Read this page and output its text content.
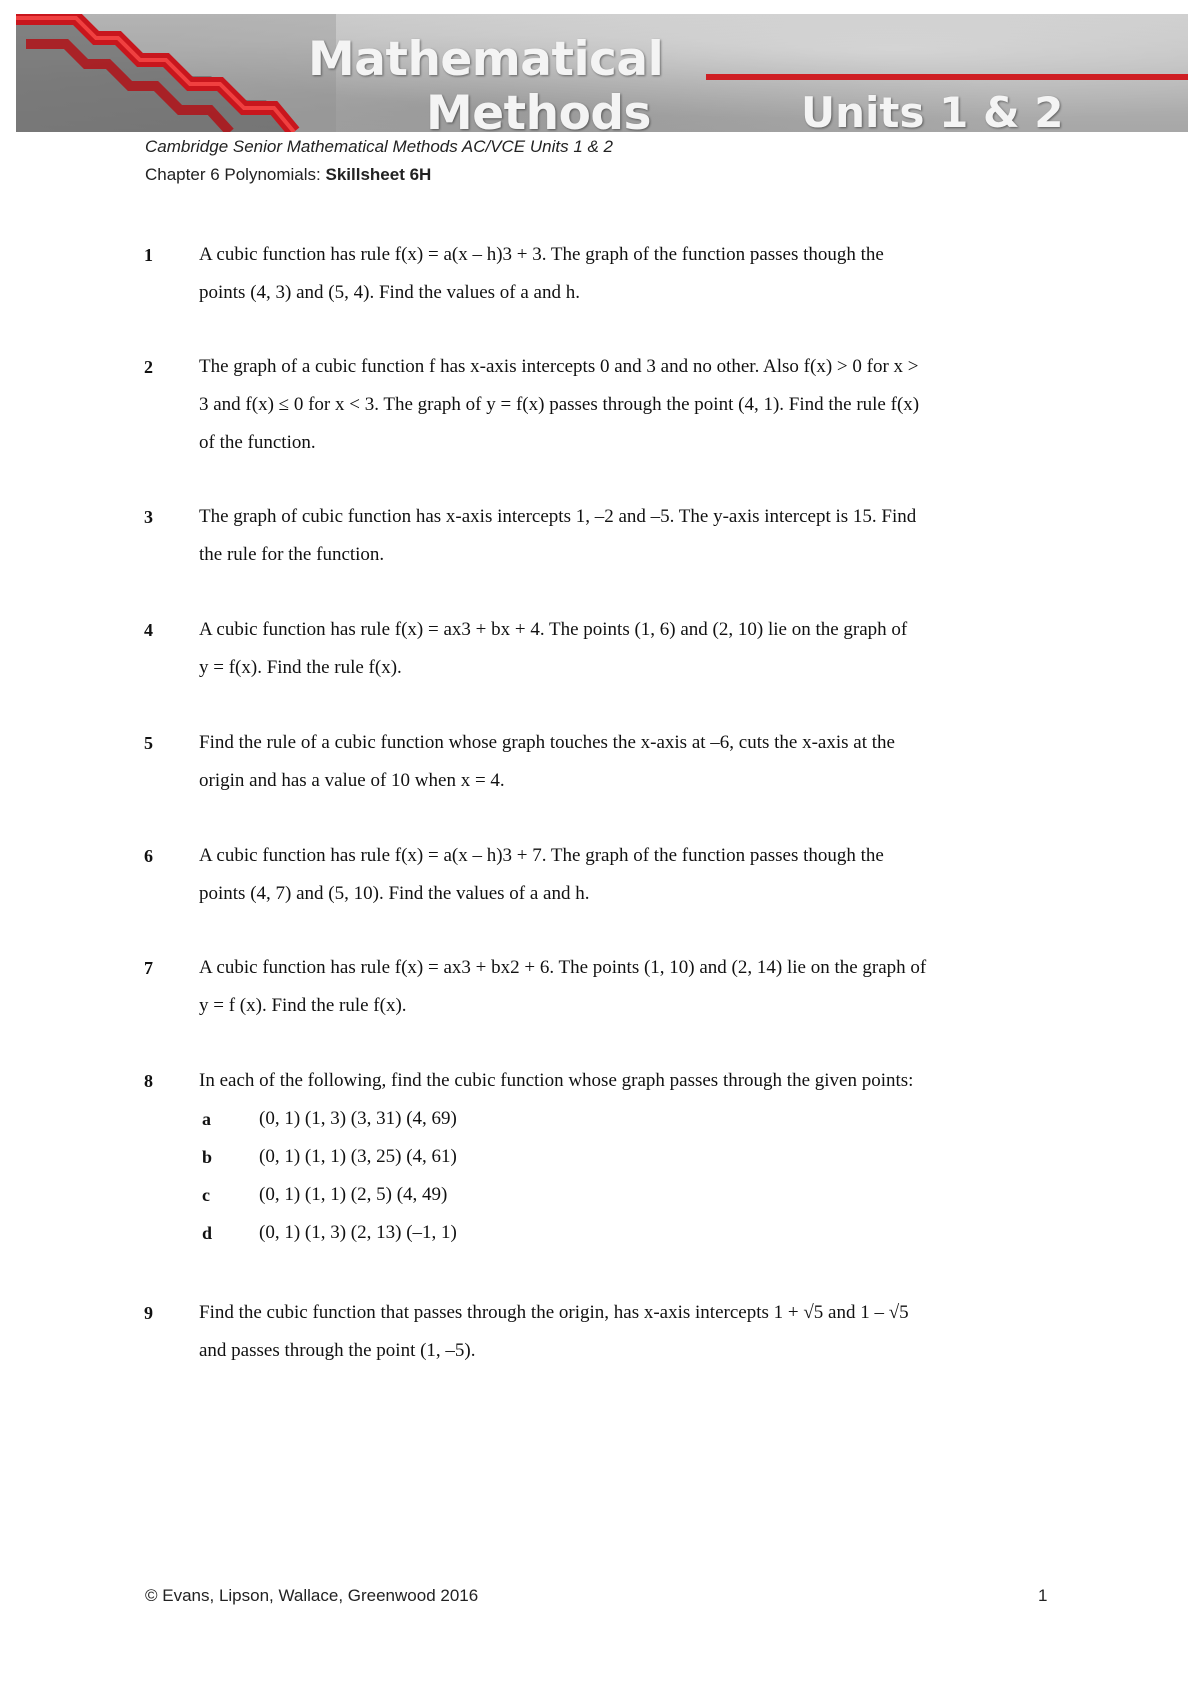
Mathematical
Methods	Units 1 & 2
Cambridge Senior Mathematical Methods AC/VCE Units 1 & 2
Chapter 6 Polynomials: Skillsheet 6H
1 A cubic function has rule f(x) = a(x – h)3 + 3. The graph of the function passes though the
points (4, 3) and (5, 4). Find the values of a and h.
2 The graph of a cubic function f has x-axis intercepts 0 and 3 and no other. Also f(x) > 0 for x >
3 and f(x) ≤ 0 for x < 3. The graph of y = f(x) passes through the point (4, 1). Find the rule f(x)
of the function.
3 The graph of cubic function has x-axis intercepts 1, –2 and –5. The y-axis intercept is 15. Find
the rule for the function.
4 A cubic function has rule f(x) = ax3 + bx + 4. The points (1, 6) and (2, 10) lie on the graph of
y = f(x). Find the rule f(x).
5 Find the rule of a cubic function whose graph touches the x-axis at –6, cuts the x-axis at the
origin and has a value of 10 when x = 4.
6 A cubic function has rule f(x) = a(x – h)3 + 7. The graph of the function passes though the
points (4, 7) and (5, 10). Find the values of a and h.
7 A cubic function has rule f(x) = ax3 + bx2 + 6. The points (1, 10) and (2, 14) lie on the graph of
y = f (x). Find the rule f(x).
8 In each of the following, find the cubic function whose graph passes through the given points:
a	(0, 1) (1, 3) (3, 31) (4, 69)
b (0, 1) (1, 1) (3, 25) (4, 61)
c	(0, 1) (1, 1) (2, 5) (4, 49)
d (0, 1) (1, 3) (2, 13) (–1, 1)
9 Find the cubic function that passes through the origin, has x-axis intercepts 1 + √5 and 1 – √5
and passes through the point (1, –5).
© Evans, Lipson, Wallace, Greenwood 2016	1
